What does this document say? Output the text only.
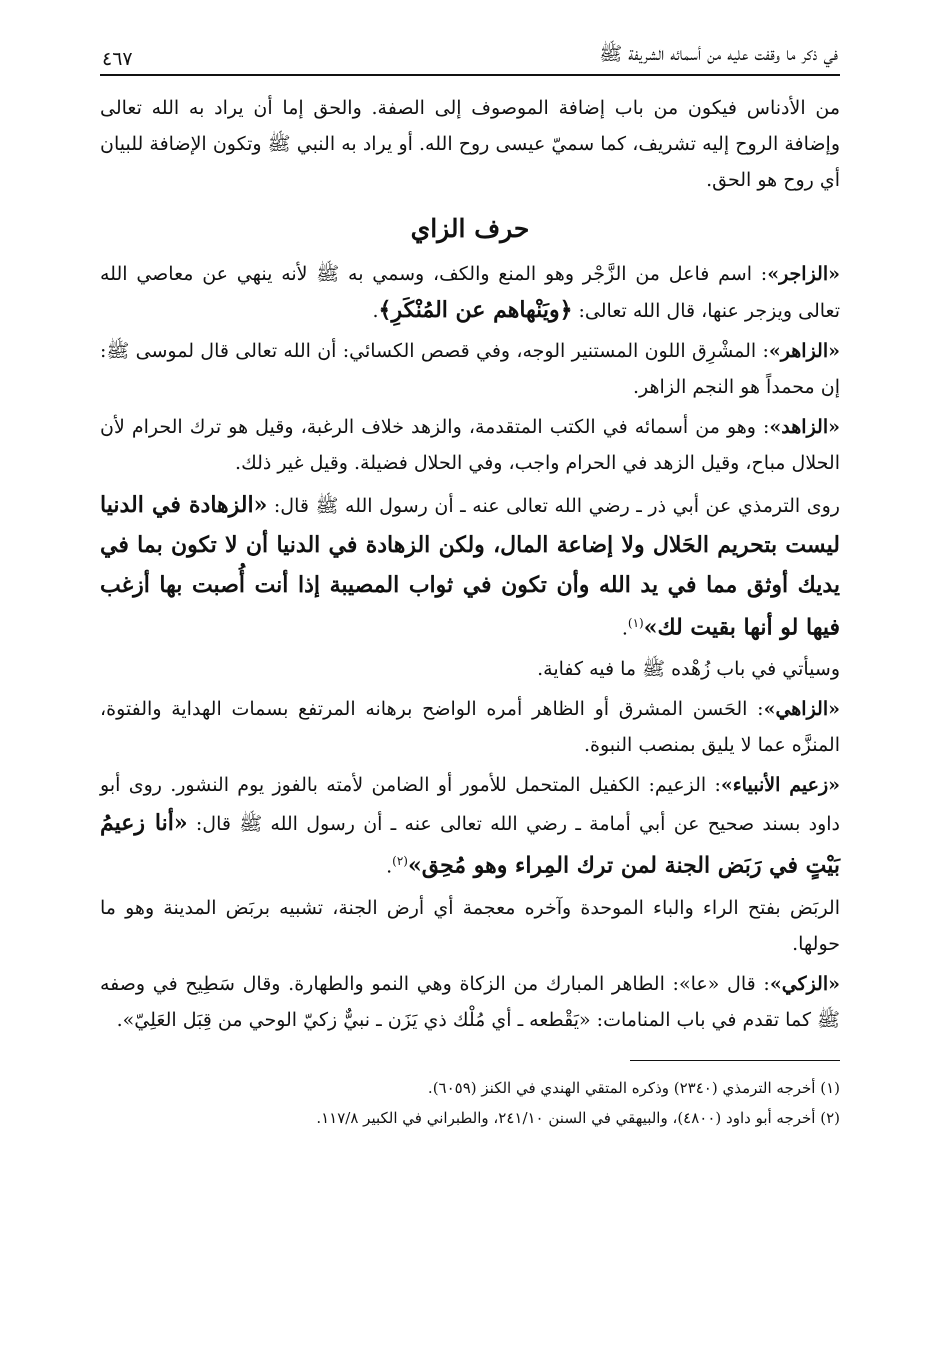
في ذكر ما وقفت عليه من أسمائه الشريفة ﷺ
٤٦٧

من الأدناس فيكون من باب إضافة الموصوف إلى الصفة. والحق إما أن يراد به الله تعالى وإضافة الروح إليه تشريف، كما سميّ عيسى روح الله. أو يراد به النبي ﷺ وتكون الإضافة للبيان أي روح هو الحق.

حرف الزاي

«الزاجر»: اسم فاعل من الزَّجْر وهو المنع والكف، وسمي به ﷺ لأنه ينهي عن معاصي الله تعالى ويزجر عنها، قال الله تعالى: ﴿ويَنْهاهم عن المُنْكَرِ﴾.

«الزاهر»: المشْرِق اللون المستنير الوجه، وفي قصص الكسائي: أن الله تعالى قال لموسى ﷺ: إن محمداً هو النجم الزاهر.

«الزاهد»: وهو من أسمائه في الكتب المتقدمة، والزهد خلاف الرغبة، وقيل هو ترك الحرام لأن الحلال مباح، وقيل الزهد في الحرام واجب، وفي الحلال فضيلة. وقيل غير ذلك.

روى الترمذي عن أبي ذر ـ رضي الله تعالى عنه ـ أن رسول الله ﷺ قال: «الزهادة في الدنيا ليست بتحريم الحَلال ولا إضاعة المال، ولكن الزهادة في الدنيا أن لا تكون بما في يديك أوثق مما في يد الله وأن تكون في ثواب المصيبة إذا أنت أُصبت بها أزغب فيها لو أنها بقيت لك»$^{(١)}$.

وسيأتي في باب زُهْده ﷺ ما فيه كفاية.

«الزاهي»: الحَسن المشرق أو الظاهر أمره الواضح برهانه المرتفع بسمات الهداية والفتوة، المنزَّه عما لا يليق بمنصب النبوة.

«زعيم الأنبياء»: الزعيم: الكفيل المتحمل للأمور أو الضامن لأمته بالفوز يوم النشور. روى أبو داود بسند صحيح عن أبي أمامة ـ رضي الله تعالى عنه ـ أن رسول الله ﷺ قال: «أنا زعيمُ بَيْتٍ في رَبَض الجنة لمن ترك المِراء وهو مُحِق»$^{(٢)}$.

الربَض بفتح الراء والباء الموحدة وآخره معجمة أي أرض الجنة، تشبيه بربَض المدينة وهو ما حولها.

«الزكي»: قال «عا»: الطاهر المبارك من الزكاة وهي النمو والطهارة. وقال سَطِيح في وصفه ﷺ كما تقدم في باب المنامات: «يَقْطعه ـ أي مُلْك ذي يَزَن ـ نبيٌّ زكيّ الوحي من قِبَل العَلِيّ».

(١) أخرجه الترمذي (٢٣٤٠) وذكره المتقي الهندي في الكنز (٦٠٥٩).
(٢) أخرجه أبو داود (٤٨٠٠)، والبيهقي في السنن ٢٤١/١٠، والطبراني في الكبير ١١٧/٨.
